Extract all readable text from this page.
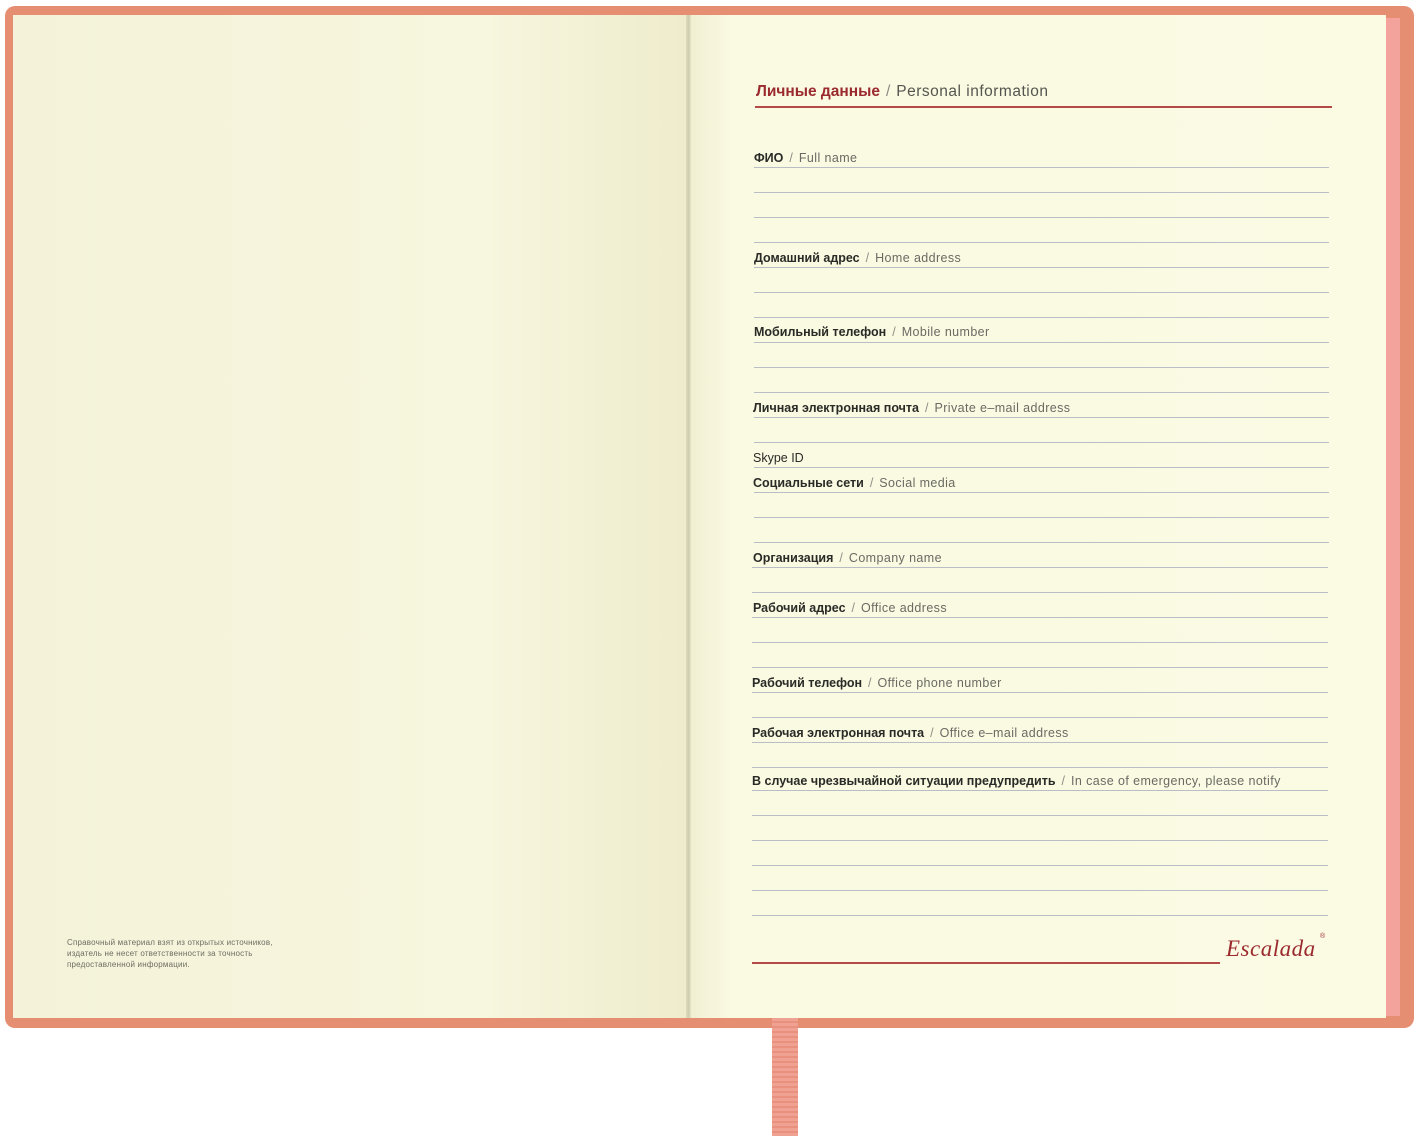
Справочный материал взят из открытых источников,
издатель не несет ответственности за точность
предоставленной информации.
Личные данные / Personal information
ФИО / Full name
Домашний адрес / Home address
Мобильный телефон / Mobile number
Личная электронная почта / Private e–mail address
Skype ID
Социальные сети / Social media
Организация / Company name
Рабочий адрес / Office address
Рабочий телефон / Office phone number
Рабочая электронная почта / Office e–mail address
В случае чрезвычайной ситуации предупредить / In case of emergency, please notify
Escalada ®
